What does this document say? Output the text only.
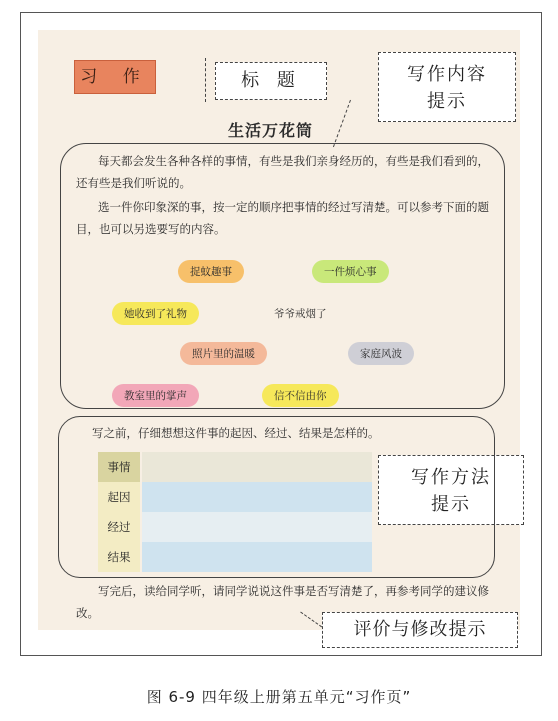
习 作	标 题	写作内容
提示
写作方法
提示
评价与修改提示
生活万花筒
每天都会发生各种各样的事情，有些是我们亲身经历的，有些是我们看到的，还有些是我们听说的。
选一件你印象深的事，按一定的顺序把事情的经过写清楚。可以参考下面的题目，也可以另选要写的内容。
捉蚊趣事	一件烦心事
她收到了礼物	爷爷戒烟了
照片里的温暖	家庭风波
教室里的掌声	信不信由你
写之前，仔细想想这件事的起因、经过、结果是怎样的。
事情
起因
经过
结果
写完后，读给同学听，请同学说说这件事是否写清楚了，再参考同学的建议修改。
图 6-9 四年级上册第五单元“习作页”
